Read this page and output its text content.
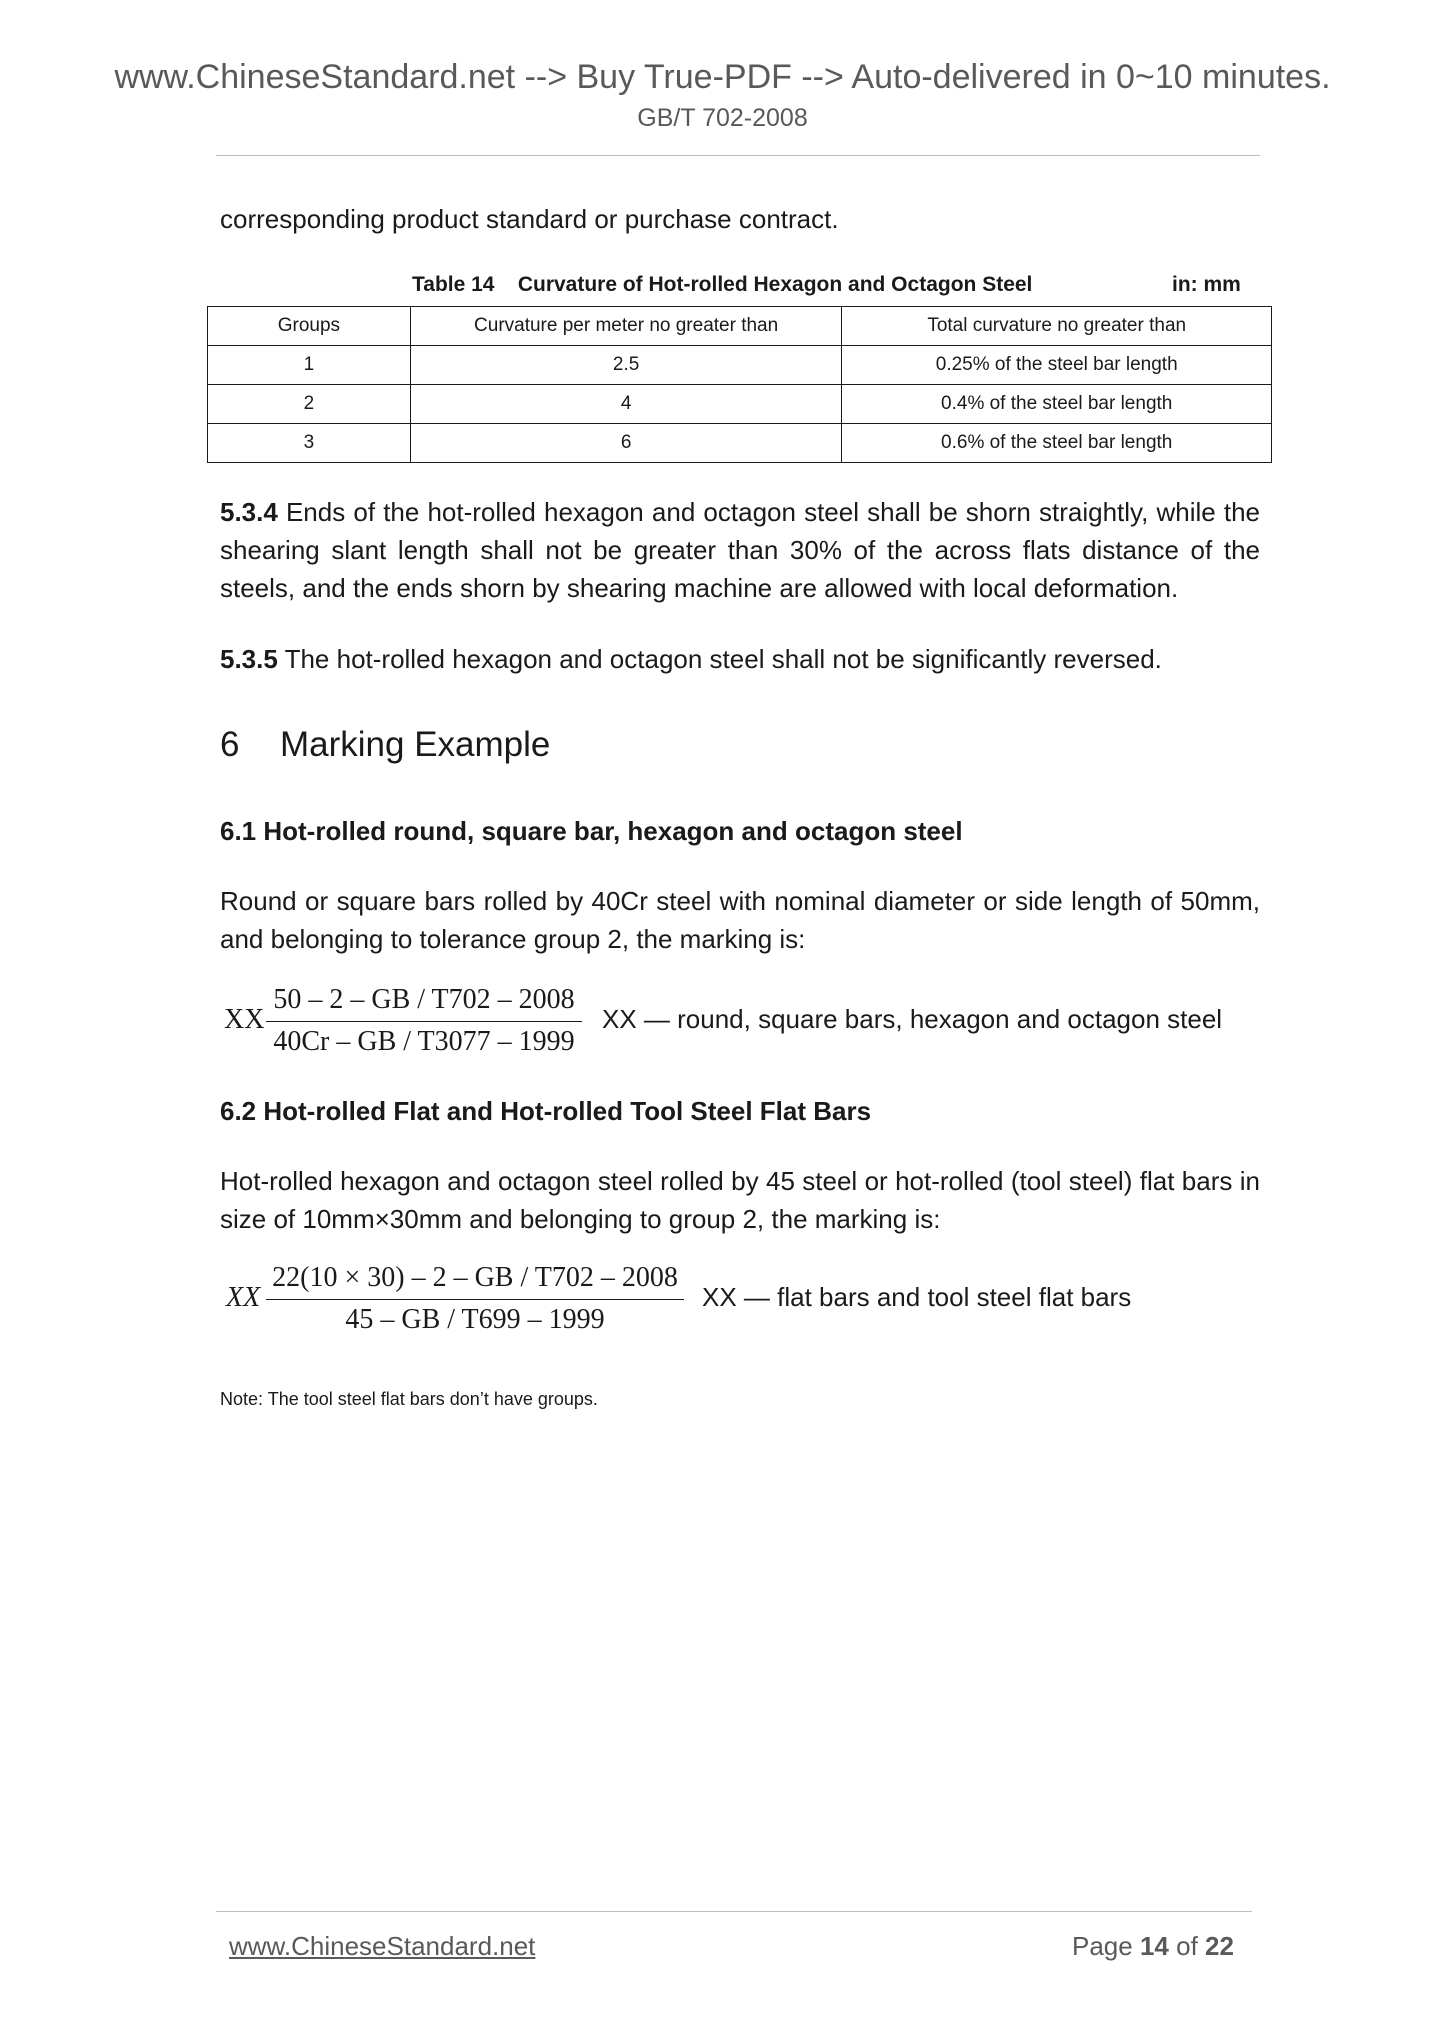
www.ChineseStandard.net --> Buy True-PDF --> Auto-delivered in 0~10 minutes.
GB/T 702-2008
corresponding product standard or purchase contract.
Table 14    Curvature of Hot-rolled Hexagon and Octagon Steel	in: mm
Groups	Curvature per meter no greater than	Total curvature no greater than
1	2.5	0.25% of the steel bar length
2	4	0.4% of the steel bar length
3	6	0.6% of the steel bar length
5.3.4 Ends of the hot-rolled hexagon and octagon steel shall be shorn straightly, while the shearing slant length shall not be greater than 30% of the across flats distance of the steels, and the ends shorn by shearing machine are allowed with local deformation.
5.3.5 The hot-rolled hexagon and octagon steel shall not be significantly reversed.
6 Marking Example
6.1 Hot-rolled round, square bar, hexagon and octagon steel
Round or square bars rolled by 40Cr steel with nominal diameter or side length of 50mm, and belonging to tolerance group 2, the marking is:
XX
50 – 2 – GB / T702 – 2008
40Cr – GB / T3077 – 1999
XX — round, square bars, hexagon and octagon steel
6.2 Hot-rolled Flat and Hot-rolled Tool Steel Flat Bars
Hot-rolled hexagon and octagon steel rolled by 45 steel or hot-rolled (tool steel) flat bars in size of 10mm×30mm and belonging to group 2, the marking is:
XX
22(10 × 30) – 2 – GB / T702 – 2008
45 – GB / T699 – 1999
XX — flat bars and tool steel flat bars
Note: The tool steel flat bars don’t have groups.
www.ChineseStandard.net	Page 14 of 22
